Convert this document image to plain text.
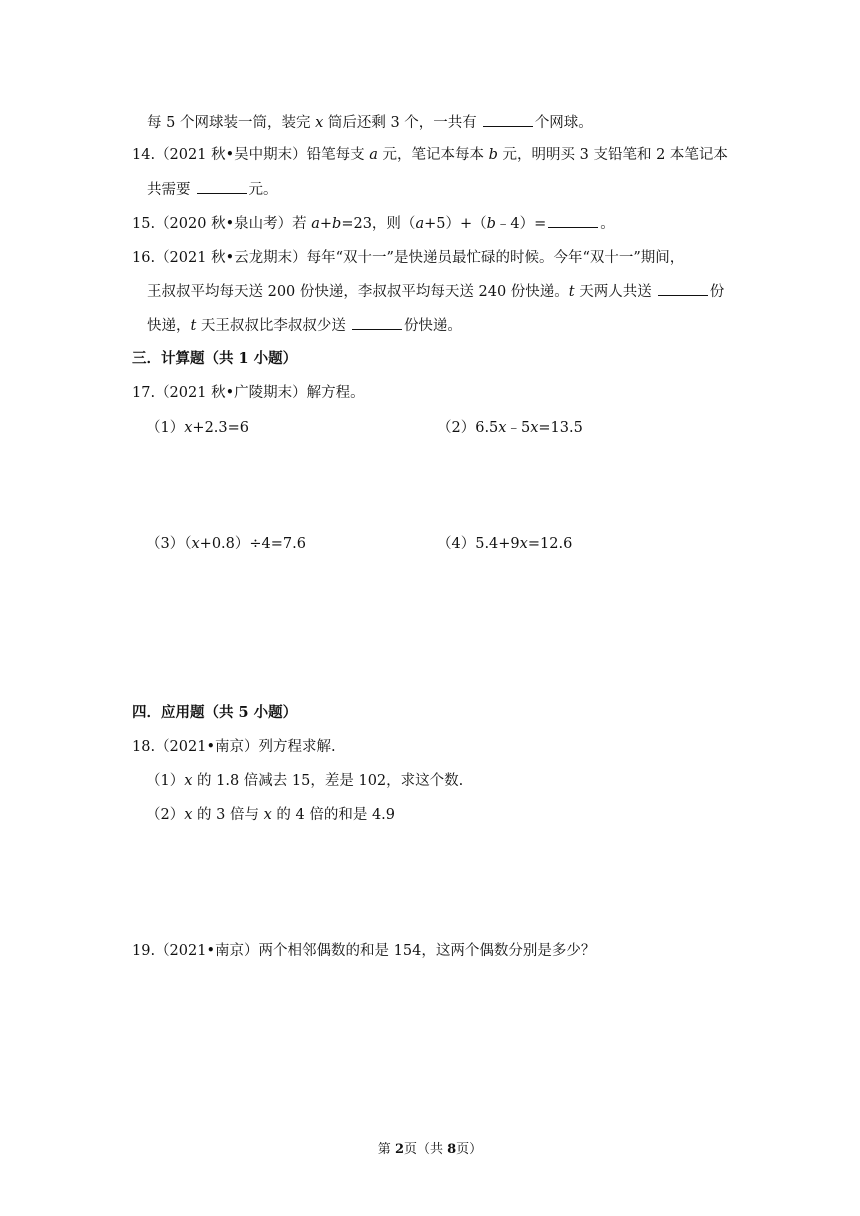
每 5 个网球装一筒，装完 x 筒后还剩 3 个，一共有	个网球。
14.（2021 秋•吴中期末）铅笔每支 a 元，笔记本每本 b 元，明明买 3 支铅笔和 2 本笔记本
共需要	元。
15.（2020 秋•泉山考）若 a+b=23，则（a+5）+（b﹣4）=	。
16.（2021 秋•云龙期末）每年“双十一”是快递员最忙碌的时候。今年“双十一”期间，
王叔叔平均每天送 200 份快递，李叔叔平均每天送 240 份快递。t 天两人共送	份
快递，t 天王叔叔比李叔叔少送	份快递。
三．计算题（共 1 小题）
17.（2021 秋•广陵期末）解方程。
（1）x+2.3=6	（2）6.5x﹣5x=13.5
（3）（x+0.8）÷4=7.6	（4）5.4+9x=12.6
四．应用题（共 5 小题）
18.（2021•南京）列方程求解.
（1）x 的 1.8 倍减去 15，差是 102，求这个数.
（2）x 的 3 倍与 x 的 4 倍的和是 4.9
19.（2021•南京）两个相邻偶数的和是 154，这两个偶数分别是多少？
第 2页（共 8页）
